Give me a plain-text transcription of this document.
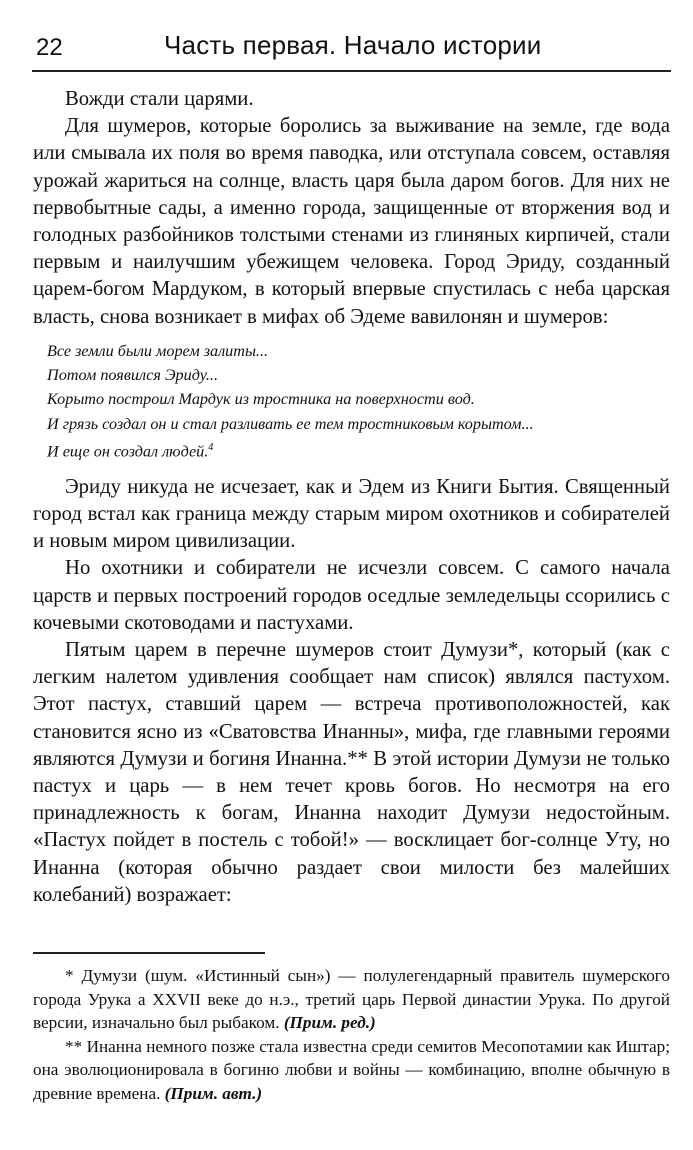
22	Часть первая. Начало истории

Вожди стали царями.

Для шумеров, которые боролись за выживание на земле, где вода или смывала их поля во время паводка, или отступала совсем, оставляя урожай жариться на солнце, власть царя была даром богов. Для них не первобытные сады, а именно города, защищенные от вторжения вод и голодных разбойников толстыми стенами из глиняных кирпичей, стали первым и наилучшим убежищем человека. Город Эриду, созданный царем-богом Мардуком, в который впервые спустилась с неба царская власть, снова возникает в мифах об Эдеме вавилонян и шумеров:

Все земли были морем залиты...
Потом появился Эриду...
Корыто построил Мардук из тростника на поверхности вод.
И грязь создал он и стал разливать ее тем тростниковым корытом...
И еще он создал людей.$^4$

Эриду никуда не исчезает, как и Эдем из Книги Бытия. Священный город встал как граница между старым миром охотников и собирателей и новым миром цивилизации.

Но охотники и собиратели не исчезли совсем. С самого начала царств и первых построений городов оседлые земледельцы ссорились с кочевыми скотоводами и пастухами.

Пятым царем в перечне шумеров стоит Думузи*, который (как с легким налетом удивления сообщает нам список) являлся пастухом. Этот пастух, ставший царем — встреча противоположностей, как становится ясно из «Сватовства Инанны», мифа, где главными героями являются Думузи и богиня Инанна.** В этой истории Думузи не только пастух и царь — в нем течет кровь богов. Но несмотря на его принадлежность к богам, Инанна находит Думузи недостойным. «Пастух пойдет в постель с тобой!» — восклицает бог-солнце Уту, но Инанна (которая обычно раздает свои милости без малейших колебаний) возражает:

* Думузи (шум. «Истинный сын») — полулегендарный правитель шумерского города Урука а XXVII веке до н.э., третий царь Первой династии Урука. По другой версии, изначально был рыбаком. (Прим. ред.)

** Инанна немного позже стала известна среди семитов Месопотамии как Иштар; она эволюционировала в богиню любви и войны — комбинацию, вполне обычную в древние времена. (Прим. авт.)
